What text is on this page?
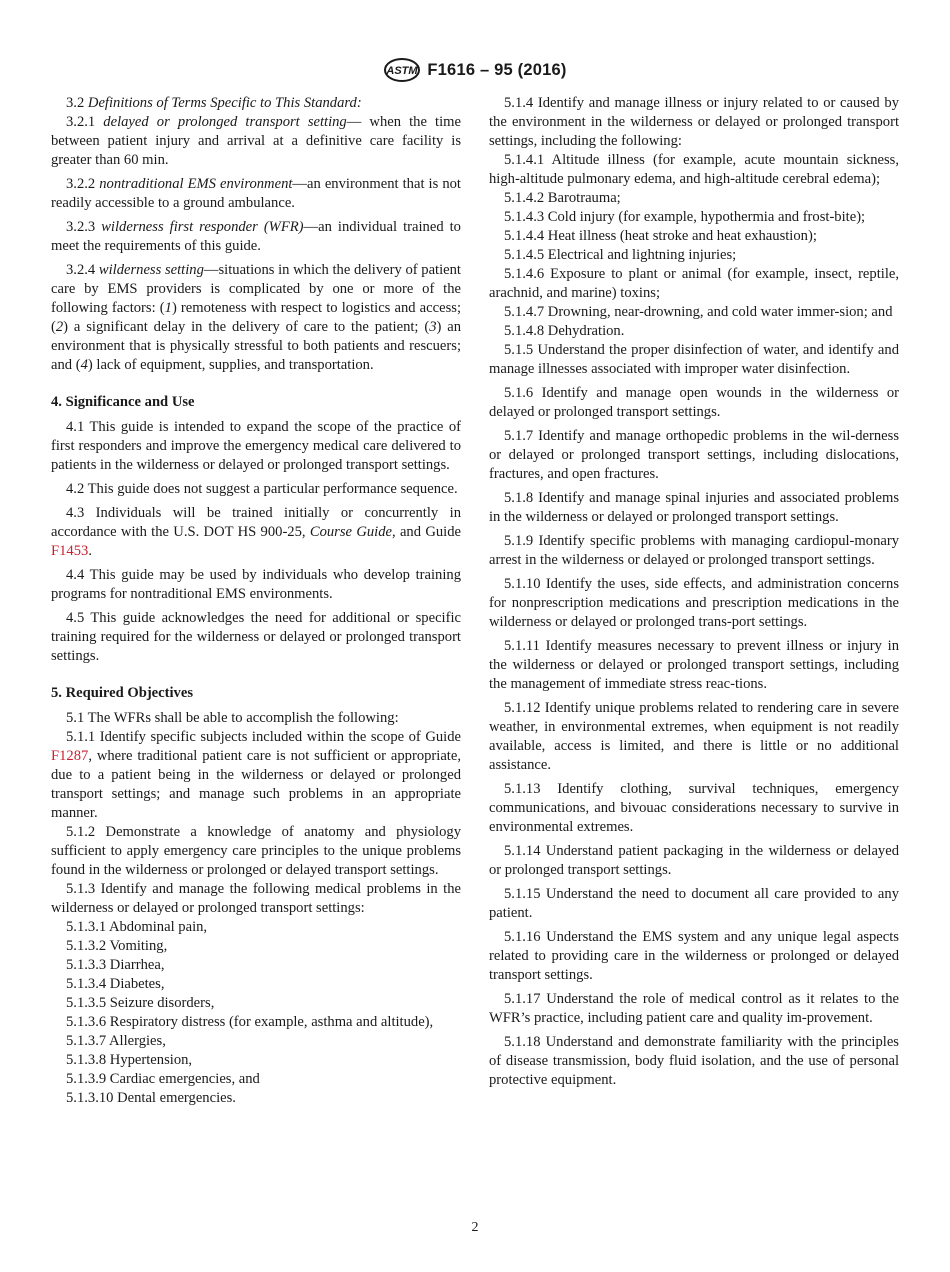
ASTM F1616 – 95 (2016)

3.2 Definitions of Terms Specific to This Standard:

3.2.1 delayed or prolonged transport setting— when the time between patient injury and arrival at a definitive care facility is greater than 60 min.

3.2.2 nontraditional EMS environment—an environment that is not readily accessible to a ground ambulance.

3.2.3 wilderness first responder (WFR)—an individual trained to meet the requirements of this guide.

3.2.4 wilderness setting—situations in which the delivery of patient care by EMS providers is complicated by one or more of the following factors: (1) remoteness with respect to logistics and access; (2) a significant delay in the delivery of care to the patient; (3) an environment that is physically stressful to both patients and rescuers; and (4) lack of equipment, supplies, and transportation.

4. Significance and Use

4.1 This guide is intended to expand the scope of the practice of first responders and improve the emergency medical care delivered to patients in the wilderness or delayed or prolonged transport settings.

4.2 This guide does not suggest a particular performance sequence.

4.3 Individuals will be trained initially or concurrently in accordance with the U.S. DOT HS 900-25, Course Guide, and Guide F1453.

4.4 This guide may be used by individuals who develop training programs for nontraditional EMS environments.

4.5 This guide acknowledges the need for additional or specific training required for the wilderness or delayed or prolonged transport settings.

5. Required Objectives

5.1 The WFRs shall be able to accomplish the following:

5.1.1 Identify specific subjects included within the scope of Guide F1287, where traditional patient care is not sufficient or appropriate, due to a patient being in the wilderness or delayed or prolonged transport settings; and manage such problems in an appropriate manner.

5.1.2 Demonstrate a knowledge of anatomy and physiology sufficient to apply emergency care principles to the unique problems found in the wilderness or prolonged or delayed transport settings.

5.1.3 Identify and manage the following medical problems in the wilderness or delayed or prolonged transport settings:

5.1.3.1 Abdominal pain,

5.1.3.2 Vomiting,

5.1.3.3 Diarrhea,

5.1.3.4 Diabetes,

5.1.3.5 Seizure disorders,

5.1.3.6 Respiratory distress (for example, asthma and altitude),

5.1.3.7 Allergies,

5.1.3.8 Hypertension,

5.1.3.9 Cardiac emergencies, and

5.1.3.10 Dental emergencies.

5.1.4 Identify and manage illness or injury related to or caused by the environment in the wilderness or delayed or prolonged transport settings, including the following:

5.1.4.1 Altitude illness (for example, acute mountain sickness, high-altitude pulmonary edema, and high-altitude cerebral edema);

5.1.4.2 Barotrauma;

5.1.4.3 Cold injury (for example, hypothermia and frost-bite);

5.1.4.4 Heat illness (heat stroke and heat exhaustion);

5.1.4.5 Electrical and lightning injuries;

5.1.4.6 Exposure to plant or animal (for example, insect, reptile, arachnid, and marine) toxins;

5.1.4.7 Drowning, near-drowning, and cold water immer-sion; and

5.1.4.8 Dehydration.

5.1.5 Understand the proper disinfection of water, and identify and manage illnesses associated with improper water disinfection.

5.1.6 Identify and manage open wounds in the wilderness or delayed or prolonged transport settings.

5.1.7 Identify and manage orthopedic problems in the wil-derness or delayed or prolonged transport settings, including dislocations, fractures, and open fractures.

5.1.8 Identify and manage spinal injuries and associated problems in the wilderness or delayed or prolonged transport settings.

5.1.9 Identify specific problems with managing cardiopul-monary arrest in the wilderness or delayed or prolonged transport settings.

5.1.10 Identify the uses, side effects, and administration concerns for nonprescription medications and prescription medications in the wilderness or delayed or prolonged trans-port settings.

5.1.11 Identify measures necessary to prevent illness or injury in the wilderness or delayed or prolonged transport settings, including the management of immediate stress reac-tions.

5.1.12 Identify unique problems related to rendering care in severe weather, in environmental extremes, when equipment is not readily available, access is limited, and there is little or no additional assistance.

5.1.13 Identify clothing, survival techniques, emergency communications, and bivouac considerations necessary to survive in environmental extremes.

5.1.14 Understand patient packaging in the wilderness or delayed or prolonged transport settings.

5.1.15 Understand the need to document all care provided to any patient.

5.1.16 Understand the EMS system and any unique legal aspects related to providing care in the wilderness or prolonged or delayed transport settings.

5.1.17 Understand the role of medical control as it relates to the WFR’s practice, including patient care and quality im-provement.

5.1.18 Understand and demonstrate familiarity with the principles of disease transmission, body fluid isolation, and the use of personal protective equipment.

2
